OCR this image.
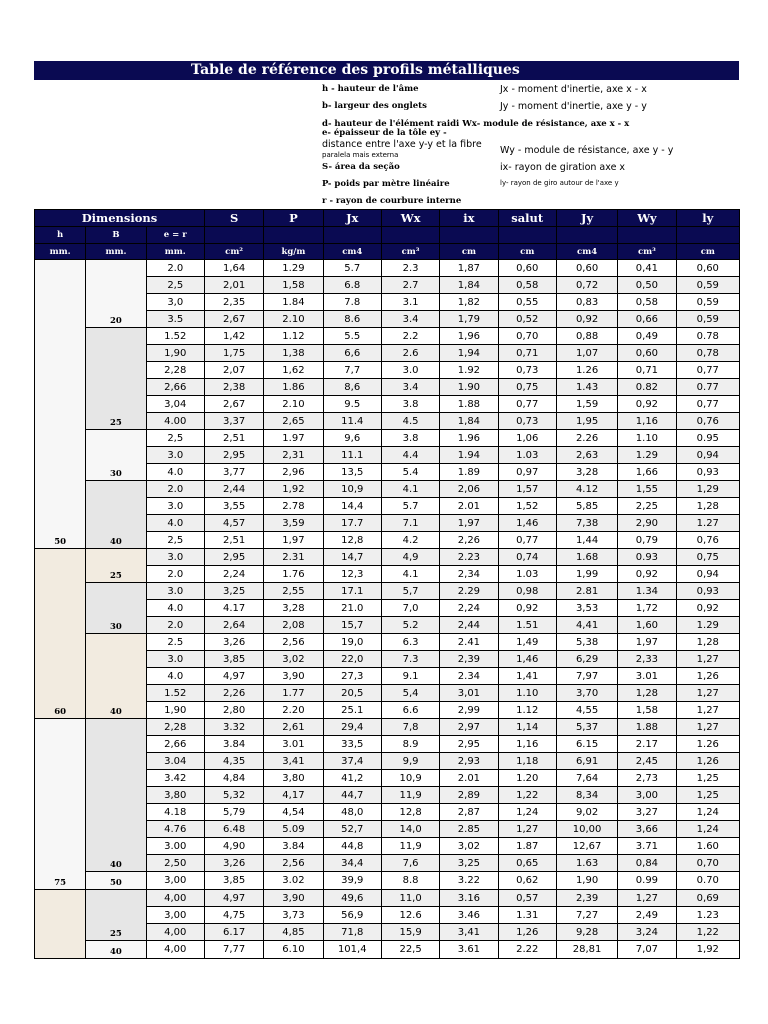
Table de référence des profils métalliques
h - hauteur de l'âme	Jx - moment d'inertie, axe x - x
b- largeur des onglets	Jy - moment d'inertie, axe y - y
d- hauteur de l'élément raidi Wx- module de résistance, axe x - x
e- épaisseur de la tôle ey -
distance entre l'axe y-y et la fibre
Wy - module de résistance, axe y - y
paralela mais externa
S- área da seção	ix- rayon de giration axe x
P- poids par mètre linéaire	ly- rayon de giro autour de l'axe y
r - rayon de courbure interne
Dimensions			S	P	Jx	Wx	ix	salut	Jy	Wy	ly
h	B	e = r									
mm.	mm.	mm.	cm²	kg/m	cm4	cm³	cm	cm	cm4	cm³	cm
50	20	2.0	1,64	1.29	5.7	2.3	1,87	0,60	0,60	0,41	0,60
		2,5	2,01	1,58	6.8	2.7	1,84	0,58	0,72	0,50	0,59
		3,0	2,35	1.84	7.8	3.1	1,82	0,55	0,83	0,58	0,59
		3.5	2,67	2.10	8.6	3.4	1,79	0,52	0,92	0,66	0,59
	25	1.52	1,42	1.12	5.5	2.2	1,96	0,70	0,88	0,49	0.78
		1,90	1,75	1,38	6,6	2.6	1,94	0,71	1,07	0,60	0,78
		2,28	2,07	1,62	7,7	3.0	1.92	0,73	1.26	0,71	0,77
		2,66	2,38	1.86	8,6	3.4	1.90	0,75	1.43	0.82	0.77
		3,04	2,67	2.10	9.5	3.8	1.88	0,77	1,59	0,92	0,77
		4.00	3,37	2,65	11.4	4.5	1,84	0,73	1,95	1,16	0,76
	30	2,5	2,51	1.97	9,6	3.8	1.96	1,06	2.26	1.10	0.95
		3.0	2,95	2,31	11.1	4.4	1.94	1.03	2,63	1.29	0,94
		4.0	3,77	2,96	13,5	5.4	1.89	0,97	3,28	1,66	0,93
	40	2.0	2,44	1,92	10,9	4.1	2,06	1,57	4.12	1,55	1,29
		3.0	3,55	2.78	14,4	5.7	2.01	1,52	5,85	2,25	1,28
		4.0	4,57	3,59	17.7	7.1	1,97	1,46	7,38	2,90	1.27
		2,5	2,51	1,97	12,8	4.2	2,26	0,77	1,44	0,79	0,76
60	25	3.0	2,95	2.31	14,7	4,9	2.23	0,74	1.68	0.93	0,75
		2.0	2,24	1.76	12,3	4.1	2,34	1.03	1,99	0,92	0,94
	30	3.0	3,25	2,55	17.1	5,7	2.29	0,98	2.81	1.34	0,93
		4.0	4.17	3,28	21.0	7,0	2,24	0,92	3,53	1,72	0,92
		2.0	2,64	2,08	15,7	5.2	2,44	1.51	4,41	1,60	1.29
	40	2.5	3,26	2,56	19,0	6.3	2.41	1,49	5,38	1,97	1,28
		3.0	3,85	3,02	22,0	7.3	2,39	1,46	6,29	2,33	1,27
		4.0	4,97	3,90	27,3	9.1	2.34	1,41	7,97	3.01	1,26
		1.52	2,26	1.77	20,5	5,4	3,01	1.10	3,70	1,28	1,27
		1,90	2,80	2.20	25.1	6.6	2,99	1.12	4,55	1,58	1,27
75	40	2,28	3.32	2,61	29,4	7,8	2,97	1,14	5,37	1.88	1,27
		2,66	3.84	3.01	33,5	8.9	2,95	1,16	6.15	2.17	1.26
		3.04	4,35	3,41	37,4	9,9	2,93	1,18	6,91	2,45	1,26
		3.42	4,84	3,80	41,2	10,9	2.01	1.20	7,64	2,73	1,25
		3,80	5,32	4,17	44,7	11,9	2,89	1,22	8,34	3,00	1,25
		4.18	5,79	4,54	48,0	12,8	2,87	1,24	9,02	3,27	1,24
		4.76	6.48	5.09	52,7	14,0	2.85	1,27	10,00	3,66	1,24
		3.00	4,90	3.84	44,8	11,9	3,02	1.87	12,67	3.71	1.60
		2,50	3,26	2,56	34,4	7,6	3,25	0,65	1.63	0,84	0,70
	50	3,00	3,85	3.02	39,9	8.8	3.22	0,62	1,90	0.99	0.70
	25	4,00	4,97	3,90	49,6	11,0	3.16	0,57	2,39	1,27	0,69
		3,00	4,75	3,73	56,9	12.6	3.46	1.31	7,27	2,49	1.23
		4,00	6.17	4,85	71,8	15,9	3,41	1,26	9,28	3,24	1,22
	40	4,00	7,77	6.10	101,4	22,5	3.61	2.22	28,81	7,07	1,92
